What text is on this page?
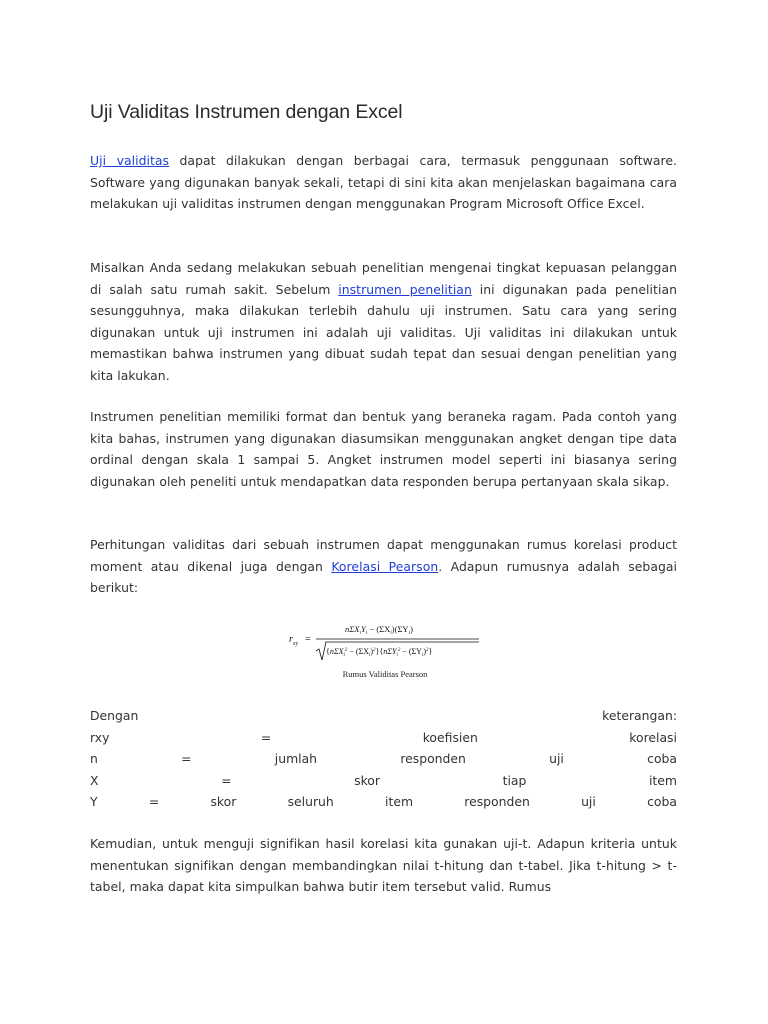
Uji Validitas Instrumen dengan Excel

Uji validitas dapat dilakukan dengan berbagai cara, termasuk penggunaan software. Software yang digunakan banyak sekali, tetapi di sini kita akan menjelaskan bagaimana cara melakukan uji validitas instrumen dengan menggunakan Program Microsoft Office Excel.

Misalkan Anda sedang melakukan sebuah penelitian mengenai tingkat kepuasan pelanggan di salah satu rumah sakit. Sebelum instrumen penelitian ini digunakan pada penelitian sesungguhnya, maka dilakukan terlebih dahulu uji instrumen. Satu cara yang sering digunakan untuk uji instrumen ini adalah uji validitas. Uji validitas ini dilakukan untuk memastikan bahwa instrumen yang dibuat sudah tepat dan sesuai dengan penelitian yang kita lakukan.

Instrumen penelitian memiliki format dan bentuk yang beraneka ragam. Pada contoh yang kita bahas, instrumen yang digunakan diasumsikan menggunakan angket dengan tipe data ordinal dengan skala 1 sampai 5. Angket instrumen model seperti ini biasanya sering digunakan oleh peneliti untuk mendapatkan data responden berupa pertanyaan skala sikap.

Perhitungan validitas dari sebuah instrumen dapat menggunakan rumus korelasi product moment atau dikenal juga dengan Korelasi Pearson. Adapun rumusnya adalah sebagai berikut:

$r_{xy}$ =
$n\Sigma X_iY_i - (\Sigma X_i)(\Sigma Y_i)$
$\{n\Sigma X_i^2 - (\Sigma X_i)^2\}\{n\Sigma Y_i^2 - (\Sigma Y_i)^2\}$
Rumus Validitas Pearson
Dengan	keterangan:
rxy	=	koefisien	korelasi
n	=	jumlah	responden	uji	coba
X	=	skor	tiap	item
Y	=	skor	seluruh	item	responden	uji	coba

Kemudian, untuk menguji signifikan hasil korelasi kita gunakan uji-t. Adapun kriteria untuk menentukan signifikan dengan membandingkan nilai t-hitung dan t-tabel. Jika t-hitung > t-tabel, maka dapat kita simpulkan bahwa butir item tersebut valid. Rumus
